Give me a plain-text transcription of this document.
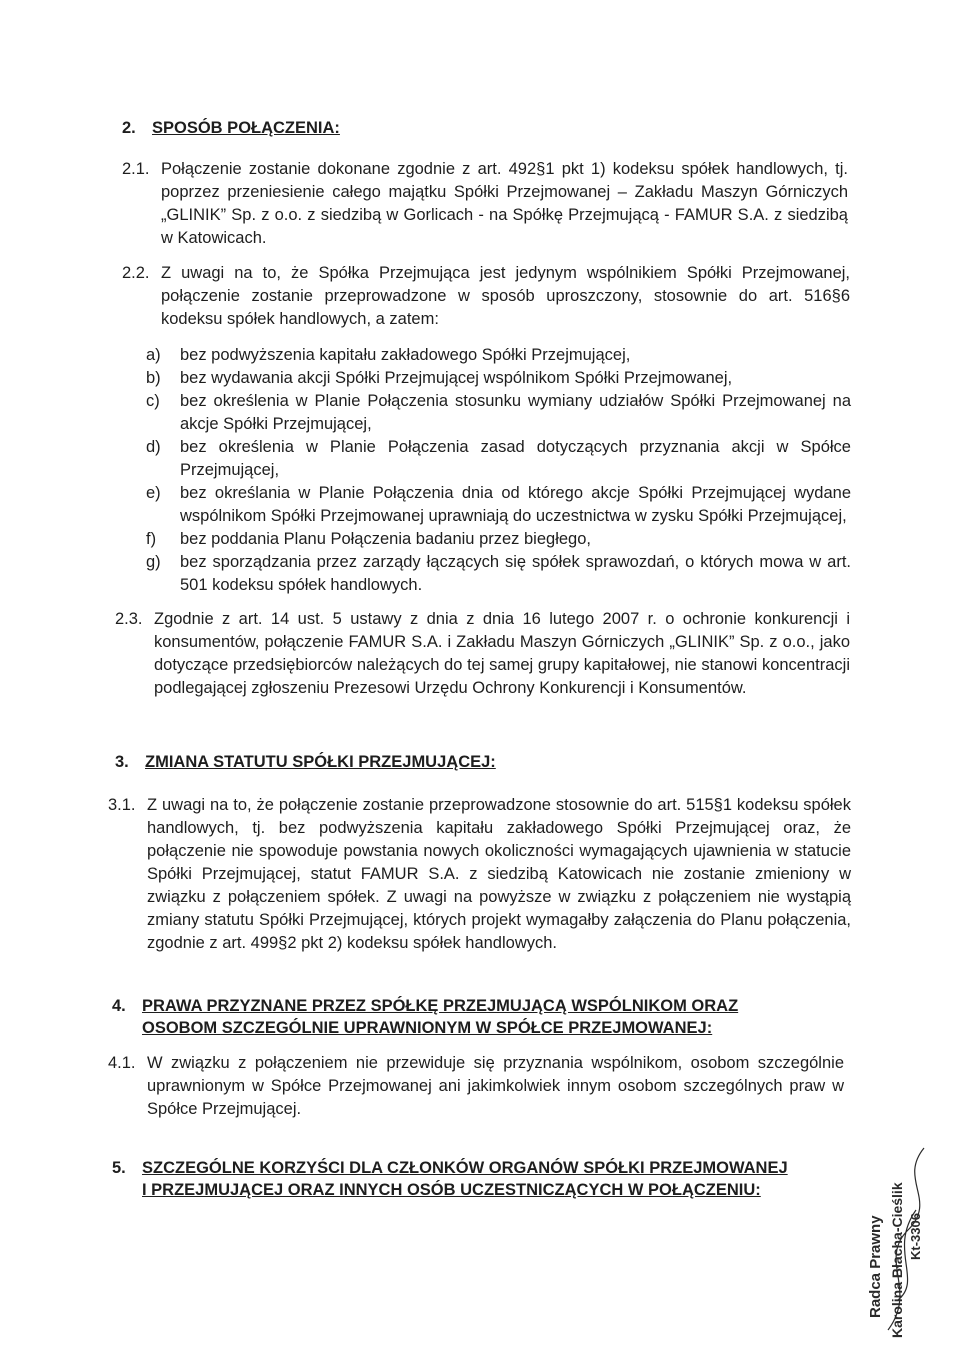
2. SPOSÓB POŁĄCZENIA:
2.1. Połączenie zostanie dokonane zgodnie z art. 492§1 pkt 1) kodeksu spółek handlowych, tj. poprzez przeniesienie całego majątku Spółki Przejmowanej – Zakładu Maszyn Górniczych „GLINIK” Sp. z o.o. z siedzibą w Gorlicach - na Spółkę Przejmującą - FAMUR S.A. z siedzibą w Katowicach.
2.2. Z uwagi na to, że Spółka Przejmująca jest jedynym wspólnikiem Spółki Przejmowanej, połączenie zostanie przeprowadzone w sposób uproszczony, stosownie do art. 516§6 kodeksu spółek handlowych, a zatem:
a) bez podwyższenia kapitału zakładowego Spółki Przejmującej,
b) bez wydawania akcji Spółki Przejmującej wspólnikom Spółki Przejmowanej,
c) bez określenia w Planie Połączenia stosunku wymiany udziałów Spółki Przejmowanej na akcje Spółki Przejmującej,
d) bez określenia w Planie Połączenia zasad dotyczących przyznania akcji w Spółce Przejmującej,
e) bez określania w Planie Połączenia dnia od którego akcje Spółki Przejmującej wydane wspólnikom Spółki Przejmowanej uprawniają do uczestnictwa w zysku Spółki Przejmującej,
f) bez poddania Planu Połączenia badaniu przez biegłego,
g) bez sporządzania przez zarządy łączących się spółek sprawozdań, o których mowa w art. 501 kodeksu spółek handlowych.
2.3. Zgodnie z art. 14 ust. 5 ustawy z dnia z dnia 16 lutego 2007 r. o ochronie konkurencji i konsumentów, połączenie FAMUR S.A. i Zakładu Maszyn Górniczych „GLINIK” Sp. z o.o., jako dotyczące przedsiębiorców należących do tej samej grupy kapitałowej, nie stanowi koncentracji podlegającej zgłoszeniu Prezesowi Urzędu Ochrony Konkurencji i Konsumentów.
3. ZMIANA STATUTU SPÓŁKI PRZEJMUJĄCEJ:
3.1. Z uwagi na to, że połączenie zostanie przeprowadzone stosownie do art. 515§1 kodeksu spółek handlowych, tj. bez podwyższenia kapitału zakładowego Spółki Przejmującej oraz, że połączenie nie spowoduje powstania nowych okoliczności wymagających ujawnienia w statucie Spółki Przejmującej, statut FAMUR S.A. z siedzibą Katowicach nie zostanie zmieniony w związku z połączeniem spółek. Z uwagi na powyższe w związku z połączeniem nie wystąpią zmiany statutu Spółki Przejmującej, których projekt wymagałby załączenia do Planu połączenia, zgodnie z art. 499§2 pkt 2) kodeksu spółek handlowych.
4. PRAWA PRZYZNANE PRZEZ SPÓŁKĘ PRZEJMUJĄCĄ WSPÓLNIKOM ORAZ
OSOBOM SZCZEGÓLNIE UPRAWNIONYM W SPÓŁCE PRZEJMOWANEJ:
4.1. W związku z połączeniem nie przewiduje się przyznania wspólnikom, osobom szczególnie uprawnionym w Spółce Przejmowanej ani jakimkolwiek innym osobom szczególnych praw w Spółce Przejmującej.
5. SZCZEGÓLNE KORZYŚCI DLA CZŁONKÓW ORGANÓW SPÓŁKI PRZEJMOWANEJ
I PRZEJMUJĄCEJ ORAZ INNYCH OSÓB UCZESTNICZĄCYCH W POŁĄCZENIU:
Radca Prawny Karolina Błacha-Cieślik Kt-3306
